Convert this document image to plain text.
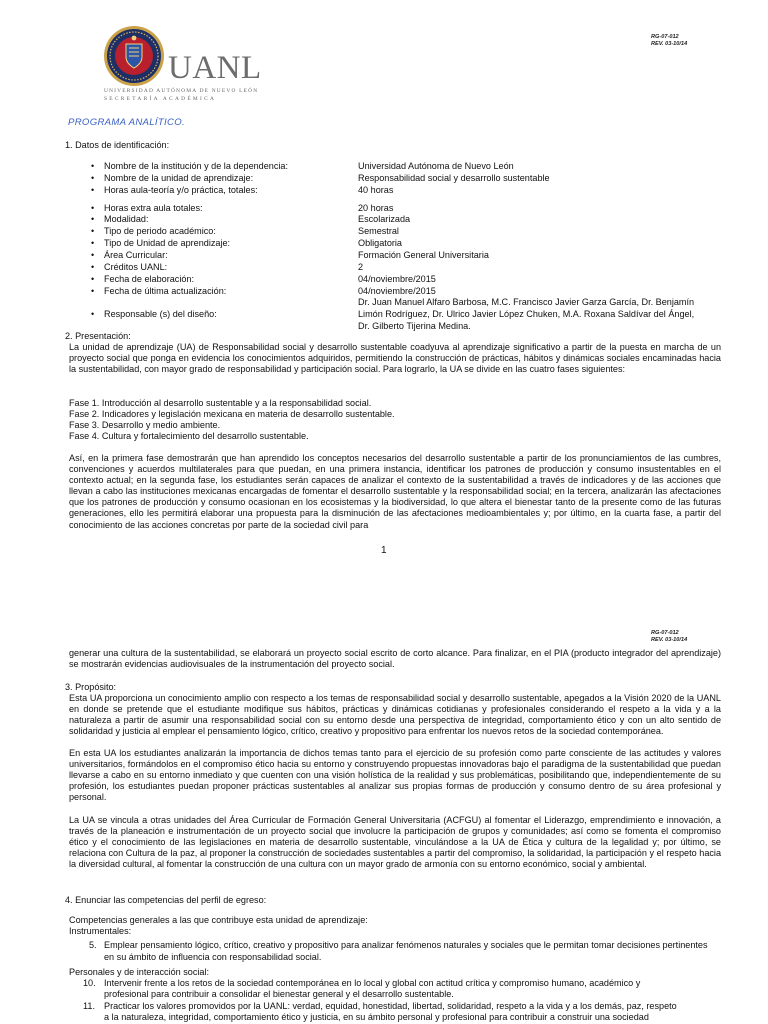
RG-07-012
REV. 03-10/14
UANL
UNIVERSIDAD AUTÓNOMA DE NUEVO LEÓN
SECRETARÍA ACADÉMICA
PROGRAMA ANALÍTICO.
1. Datos de identificación:
• Nombre de la institución y de la dependencia:	Universidad Autónoma de Nuevo León
• Nombre de la unidad de aprendizaje:	Responsabilidad social y desarrollo sustentable
• Horas aula-teoría y/o práctica, totales:	40 horas
• Horas extra aula totales:	20 horas
• Modalidad:	Escolarizada
• Tipo de periodo académico:	Semestral
• Tipo de Unidad de aprendizaje:	Obligatoria
• Área Curricular:	Formación General Universitaria
• Créditos UANL:	2
• Fecha de elaboración:	04/noviembre/2015
• Fecha de última actualización:	04/noviembre/2015
• Responsable (s) del diseño:
Dr. Juan Manuel Alfaro Barbosa, M.C. Francisco Javier Garza García, Dr. Benjamín
Limón Rodríguez, Dr. Ulrico Javier López Chuken, M.A. Roxana Saldívar del Ángel,
Dr. Gilberto Tijerina Medina.
2. Presentación:
La unidad de aprendizaje (UA) de Responsabilidad social y desarrollo sustentable coadyuva al aprendizaje significativo a partir de la puesta en marcha de un proyecto social que ponga en evidencia los conocimientos adquiridos, permitiendo la construcción de prácticas, hábitos y dinámicas sociales encaminadas hacia la sustentabilidad, con mayor grado de responsabilidad y participación social. Para lograrlo, la UA se divide en las cuatro fases siguientes:
Fase 1. Introducción al desarrollo sustentable y a la responsabilidad social.
Fase 2. Indicadores y legislación mexicana en materia de desarrollo sustentable.
Fase 3. Desarrollo y medio ambiente.
Fase 4. Cultura y fortalecimiento del desarrollo sustentable.
Así, en la primera fase demostrarán que han aprendido los conceptos necesarios del desarrollo sustentable a partir de los pronunciamientos de las cumbres, convenciones y acuerdos multilaterales para que puedan, en una primera instancia, identificar los patrones de producción y consumo insustentables en el contexto actual; en la segunda fase, los estudiantes serán capaces de analizar el contexto de la sustentabilidad a través de indicadores y de las acciones que llevan a cabo las instituciones mexicanas encargadas de fomentar el desarrollo sustentable y la responsabilidad social; en la tercera, analizarán las afectaciones que los patrones de producción y consumo ocasionan en los ecosistemas y la biodiversidad, lo que altera el bienestar tanto de la presente como de las futuras generaciones, ello les permitirá elaborar una propuesta para la disminución de las afectaciones medioambientales y; por último, en la cuarta fase, a partir del conocimiento de las acciones concretas por parte de la sociedad civil para
1
RG-07-012
REV. 03-10/14
generar una cultura de la sustentabilidad, se elaborará un proyecto social escrito de corto alcance. Para finalizar, en el PIA (producto integrador del aprendizaje) se mostrarán evidencias audiovisuales de la instrumentación del proyecto social.
3. Propósito:
Esta UA proporciona un conocimiento amplio con respecto a los temas de responsabilidad social y desarrollo sustentable, apegados a la Visión 2020 de la UANL en donde se pretende que el estudiante modifique sus hábitos, prácticas y dinámicas cotidianas y profesionales considerando el respeto a la vida y a la naturaleza a partir de asumir una responsabilidad social con su entorno desde una perspectiva de integridad, comportamiento ético y con un alto sentido de solidaridad y justicia al emplear el pensamiento lógico, crítico, creativo y propositivo para enfrentar los nuevos retos de la sociedad contemporánea.
En esta UA los estudiantes analizarán la importancia de dichos temas tanto para el ejercicio de su profesión como parte consciente de las actitudes y valores universitarios, formándolos en el compromiso ético hacia su entorno y construyendo propuestas innovadoras bajo el paradigma de la sustentabilidad que puedan llevarse a cabo en su entorno inmediato y que cuenten con una visión holística de la realidad y sus problemáticas, posibilitando que, independientemente de su profesión, los estudiantes puedan proponer prácticas sustentables al analizar sus propias formas de producción y consumo dentro de su área profesional y personal.
La UA se vincula a otras unidades del Área Curricular de Formación General Universitaria (ACFGU) al fomentar el Liderazgo, emprendimiento e innovación, a través de la planeación e instrumentación de un proyecto social que involucre la participación de grupos y comunidades; así como se fomenta el compromiso ético y el conocimiento de las legislaciones en materia de desarrollo sustentable, vinculándose a la UA de Ética y cultura de la legalidad y; por último, se relaciona con Cultura de la paz, al proponer la construcción de sociedades sustentables a partir del compromiso, la solidaridad, la participación y el respeto hacia la diversidad cultural, al fomentar la construcción de una cultura con un mayor grado de armonía con su entorno económico, social y ambiental.
4. Enunciar las competencias del perfil de egreso:
Competencias generales a las que contribuye esta unidad de aprendizaje:
Instrumentales:
5. Emplear pensamiento lógico, crítico, creativo y propositivo para analizar fenómenos naturales y sociales que le permitan tomar decisiones pertinentes
en su ámbito de influencia con responsabilidad social.
Personales y de interacción social:
10. Intervenir frente a los retos de la sociedad contemporánea en lo local y global con actitud crítica y compromiso humano, académico y
profesional para contribuir a consolidar el bienestar general y el desarrollo sustentable.
11. Practicar los valores promovidos por la UANL: verdad, equidad, honestidad, libertad, solidaridad, respeto a la vida y a los demás, paz, respeto
a la naturaleza, integridad, comportamiento ético y justicia, en su ámbito personal y profesional para contribuir a construir una sociedad
